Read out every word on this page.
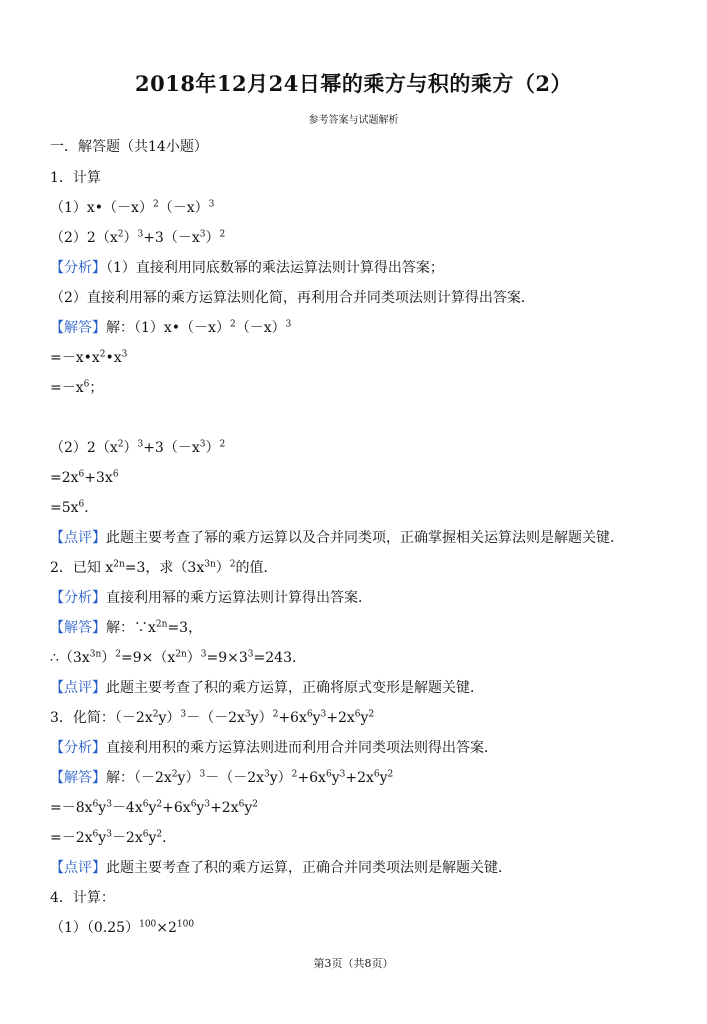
2018年12月24日幂的乘方与积的乘方（2）
参考答案与试题解析
一．解答题（共14小题）
1．计算
$(1)x•(-x)^2(-x)^3$
$(2)2(x^2)^3+3(-x^3)^2$
【分析】（1）直接利用同底数幂的乘法运算法则计算得出答案；
（2）直接利用幂的乘方运算法则化简，再利用合并同类项法则计算得出答案．
【解答】解：$(1)x•(-x)^2(-x)^3$
$=-x•x^2•x^3$
$=-x^6$；
$(2)2(x^2)^3+3(-x^3)^2$
$=2x^6+3x^6$
$=5x^6$．
【点评】此题主要考查了幂的乘方运算以及合并同类项，正确掌握相关运算法则是解题关键．
2．已知 $x^{2n}=3$，求$(3x^{3n})^2$的值．
【分析】直接利用幂的乘方运算法则计算得出答案．
【解答】解：$\because x^{2n}=3$，
$\therefore(3x^{3n})^2=9\times(x^{2n})^3=9\times 3^3=243$．
【点评】此题主要考查了积的乘方运算，正确将原式变形是解题关键．
3．化简：$(-2x^2y)^3-(-2x^3y)^2+6x^6y^3+2x^6y^2$
【分析】直接利用积的乘方运算法则进而利用合并同类项法则得出答案．
【解答】解：$(-2x^2y)^3-(-2x^3y)^2+6x^6y^3+2x^6y^2$
$=-8x^6y^3-4x^6y^2+6x^6y^3+2x^6y^2$
$=-2x^6y^3-2x^6y^2$．
【点评】此题主要考查了积的乘方运算，正确合并同类项法则是解题关键．
4．计算：
$(1)(0.25)^{100}\times 2^{100}$
第3页（共8页）
